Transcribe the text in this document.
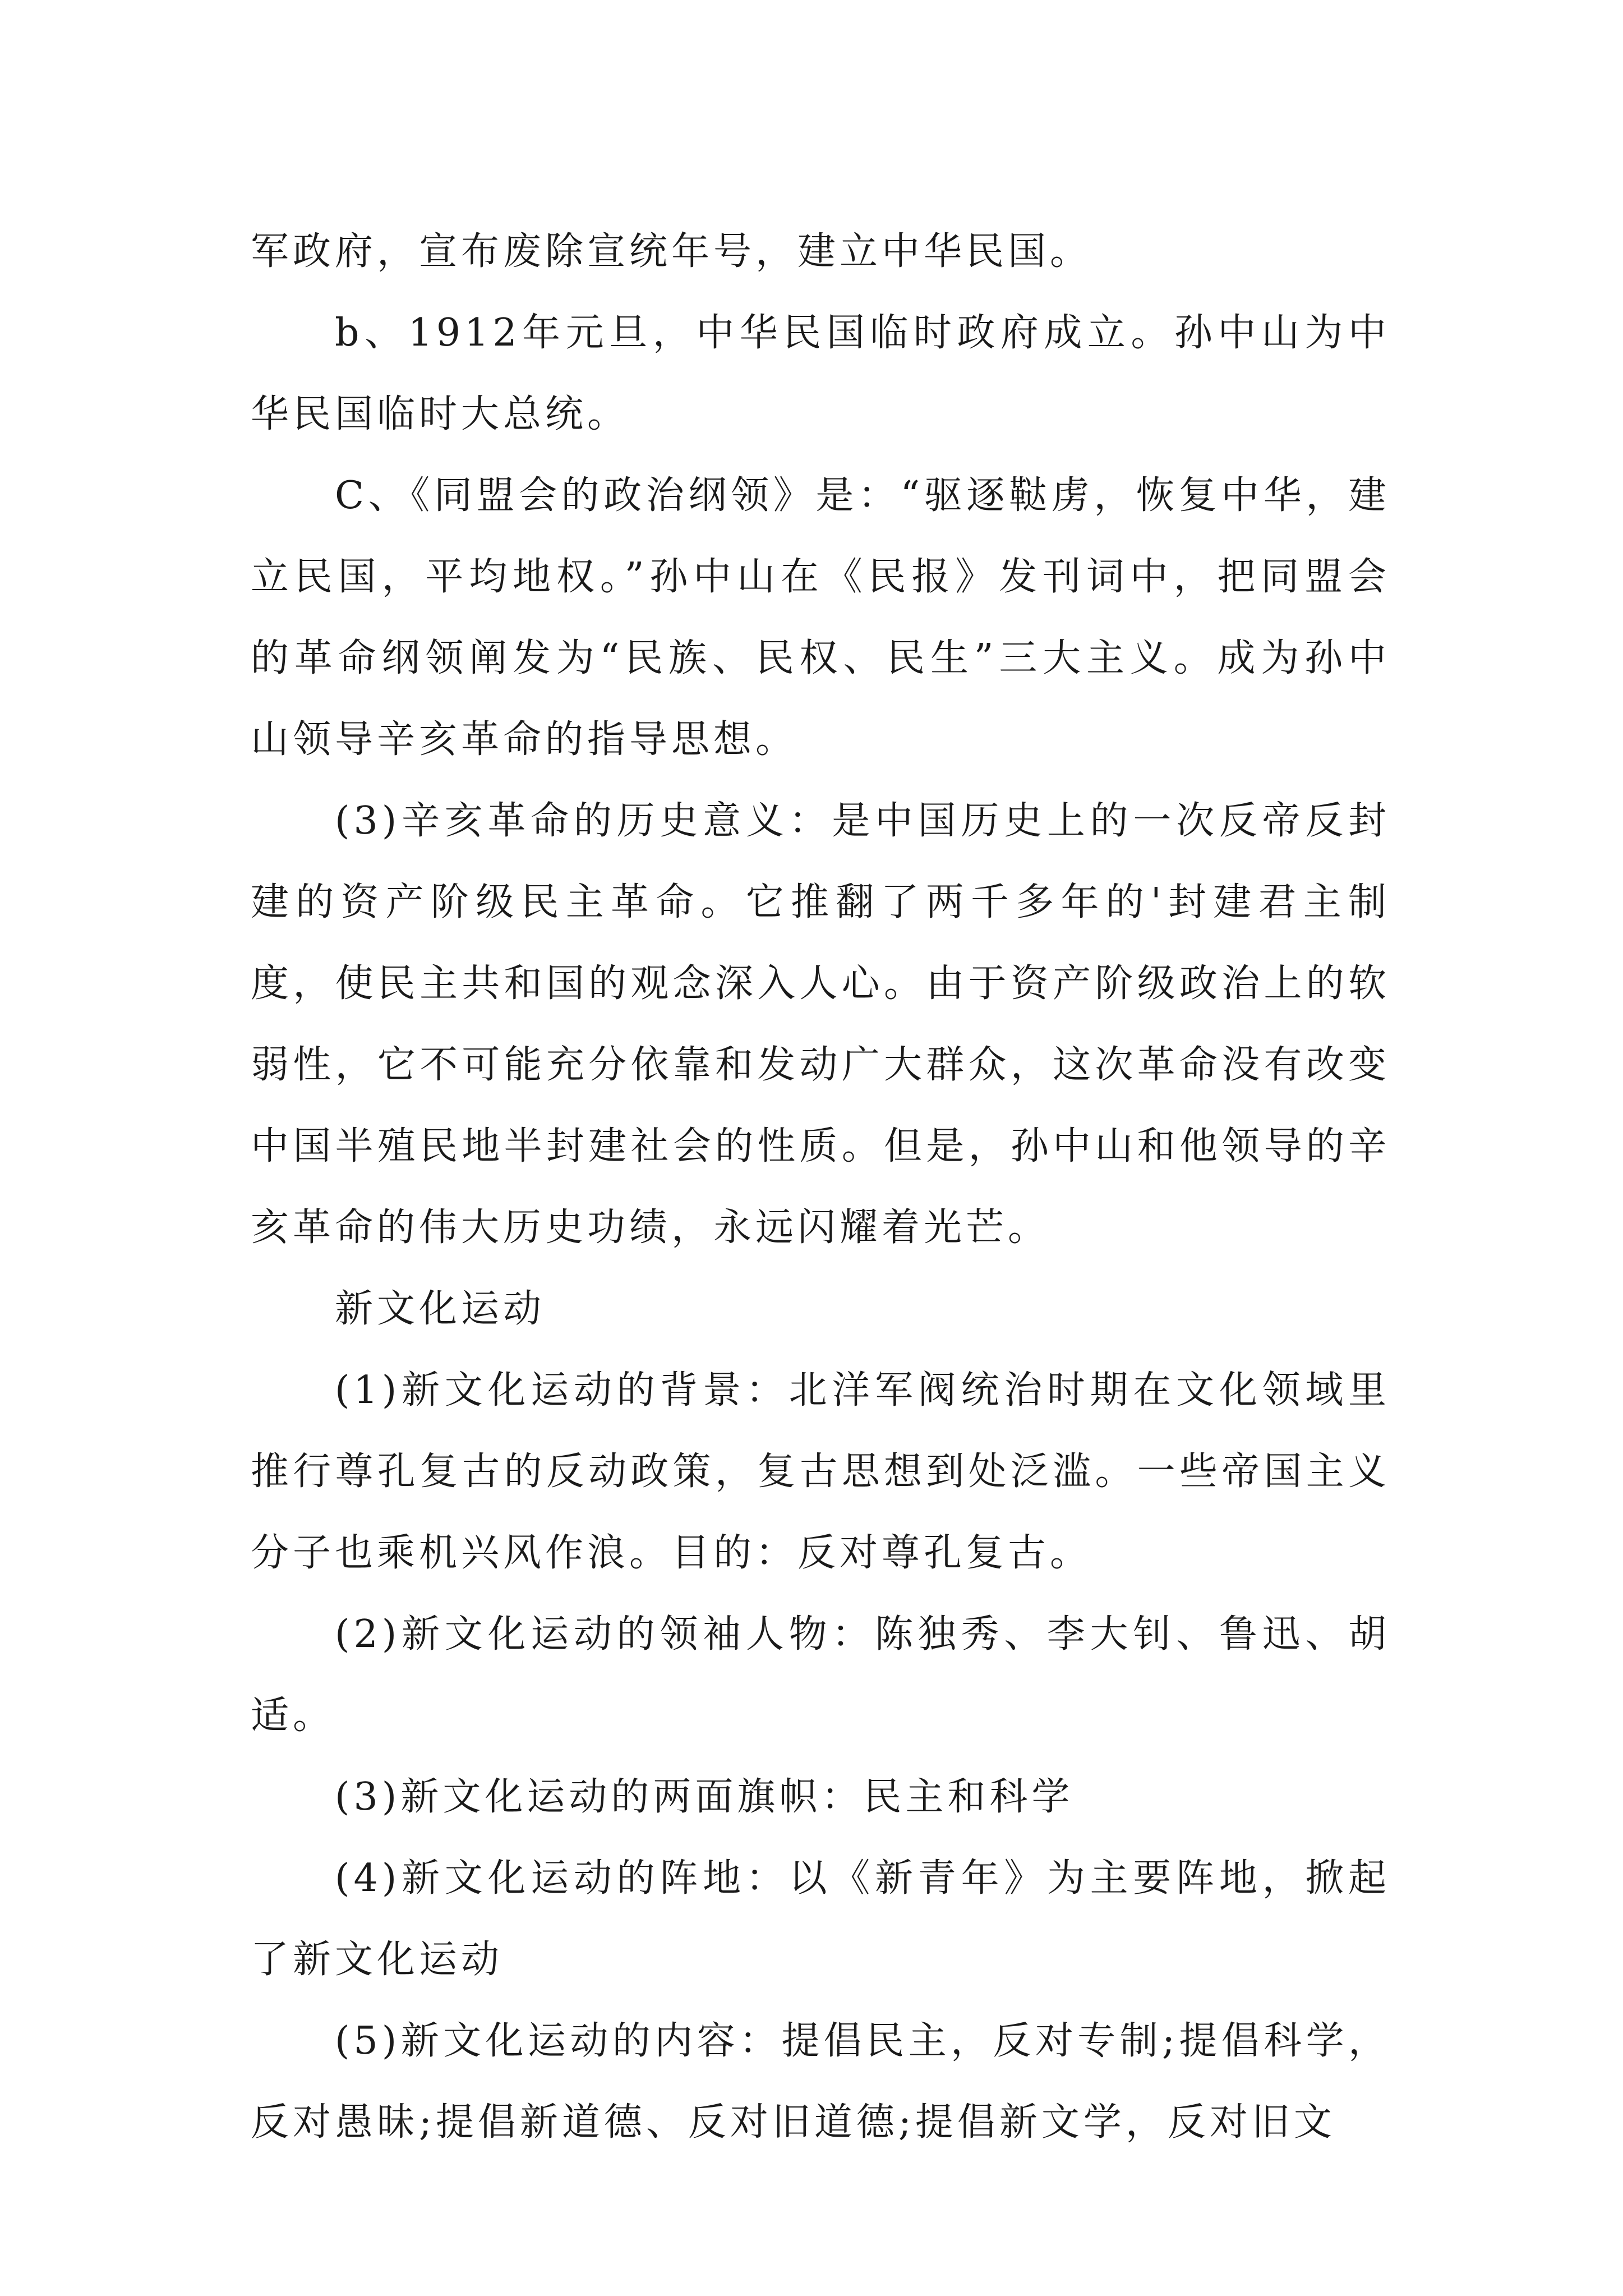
军政府，宣布废除宣统年号，建立中华民国。

b、1912年元旦，中华民国临时政府成立。孙中山为中华民国临时大总统。

C、《同盟会的政治纲领》是：“驱逐鞑虏，恢复中华，建立民国，平均地权。”孙中山在《民报》发刊词中，把同盟会的革命纲领阐发为“民族、民权、民生”三大主义。成为孙中山领导辛亥革命的指导思想。

(3)辛亥革命的历史意义：是中国历史上的一次反帝反封建的资产阶级民主革命。它推翻了两千多年的'封建君主制度，使民主共和国的观念深入人心。由于资产阶级政治上的软弱性，它不可能充分依靠和发动广大群众，这次革命没有改变中国半殖民地半封建社会的性质。但是，孙中山和他领导的辛亥革命的伟大历史功绩，永远闪耀着光芒。

新文化运动

(1)新文化运动的背景：北洋军阀统治时期在文化领域里推行尊孔复古的反动政策，复古思想到处泛滥。一些帝国主义分子也乘机兴风作浪。目的：反对尊孔复古。

(2)新文化运动的领袖人物：陈独秀、李大钊、鲁迅、胡适。

(3)新文化运动的两面旗帜：民主和科学

(4)新文化运动的阵地：以《新青年》为主要阵地，掀起了新文化运动

(5)新文化运动的内容：提倡民主，反对专制;提倡科学，反对愚昧;提倡新道德、反对旧道德;提倡新文学，反对旧文
